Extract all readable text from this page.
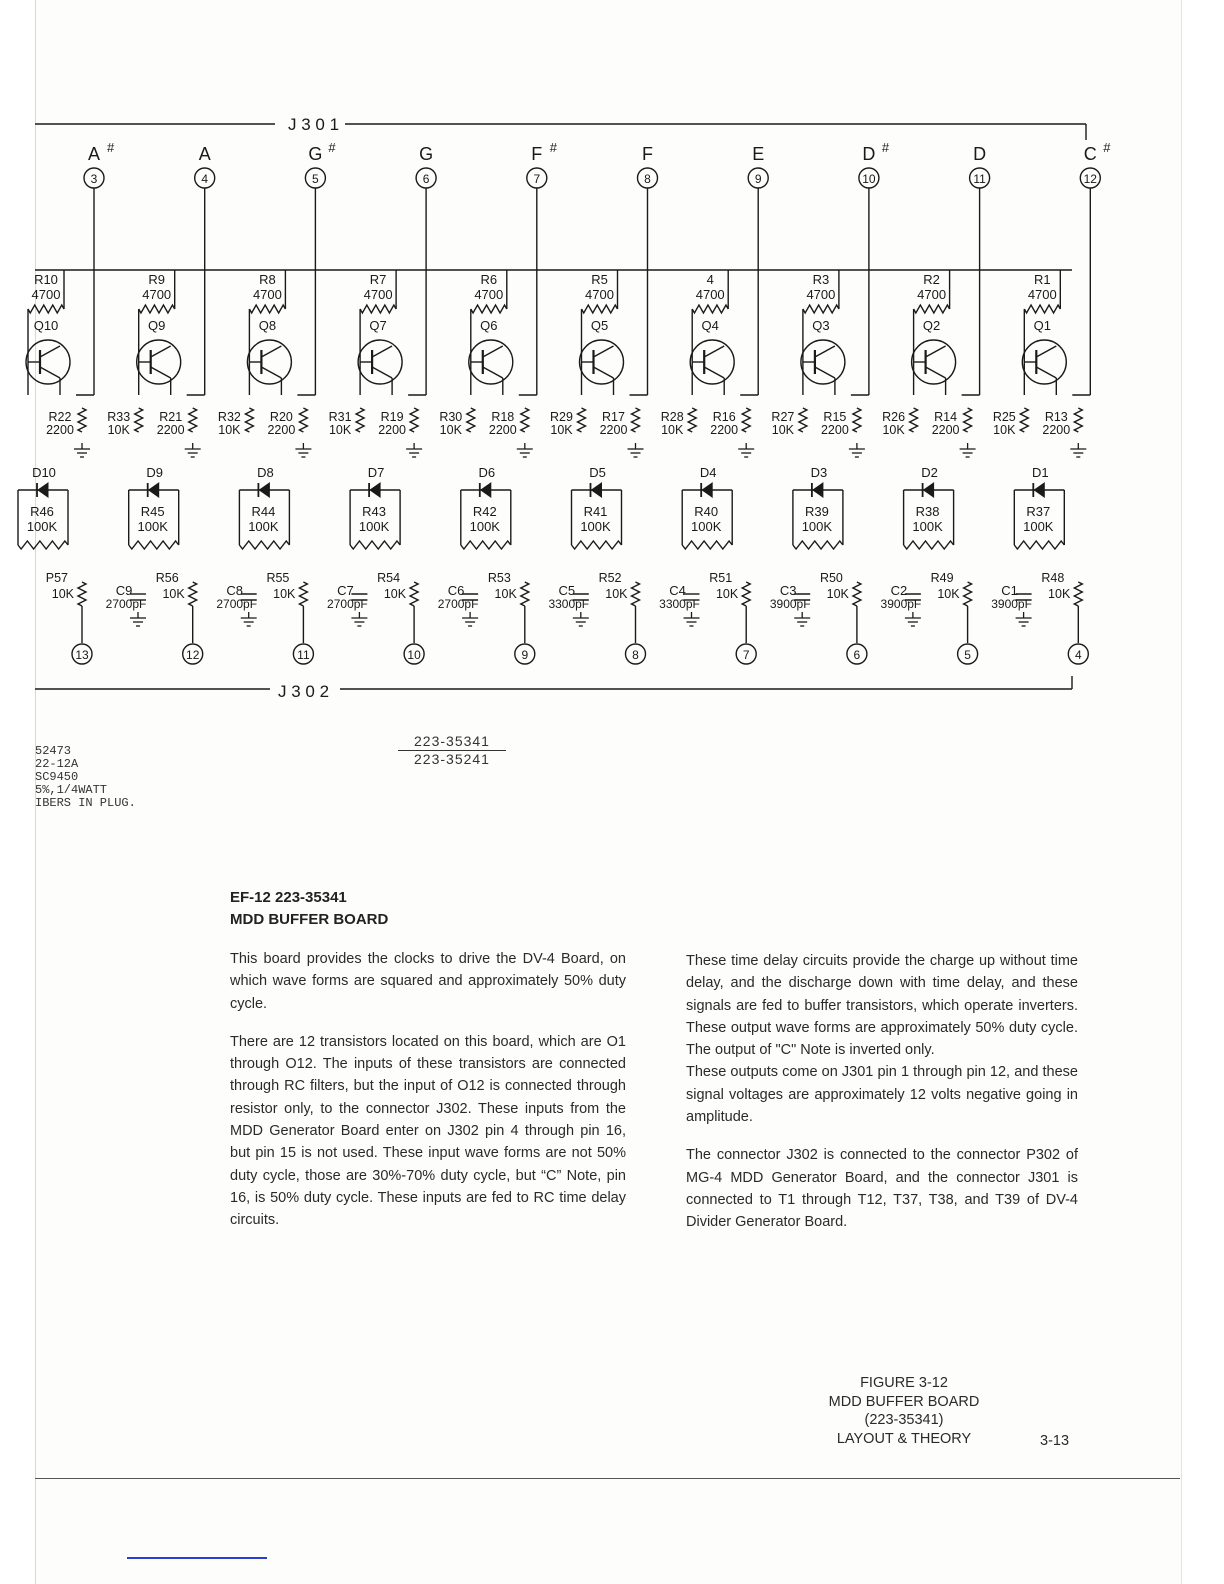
J 3 0 1
J 3 0 2
A #
3
R10
4700
Q10
R22
2200
D10
R46
100K
P57
10K	C9
2700pF
13
A
4
R9
4700
Q9
R21
2200
R33
10K
D9
R45
100K
R56
10K	C8
2700pF
12
G #
5
R8
4700
Q8
R20
2200
R32
10K
D8
R44
100K
R55
10K	C7
2700pF
11
G
6
R7
4700
Q7
R19
2200
R31
10K
D7
R43
100K
R54
10K	C6
2700pF
10
F #
7
R6
4700
Q6
R18
2200
R30
10K
D6
R42
100K
R53
10K	C5
3300pF
9
F
8
R5
4700
Q5
R17
2200
R29
10K
D5
R41
100K
R52
10K	C4
3300pF
8
E
9
4
4700
Q4
R16
2200
R28
10K
D4
R40
100K
R51
10K	C3
3900pF
7
D #
10
R3
4700
Q3
R15
2200
R27
10K
D3
R39
100K
R50
10K	C2
3900pF
6
D
11
R2
4700
Q2
R14
2200
R26
10K
D2
R38
100K
R49
10K	C1
3900pF
5
C #
12
R1
4700
Q1
R13
2200
R25
10K
D1
R37
100K
R48
10K
4
52473
22-12A
SC9450
5%,1/4WATT
IBERS IN PLUG.
223-35341
223-35241
EF-12 223-35341
MDD BUFFER BOARD

This board provides the clocks to drive the DV-4 Board, on which wave forms are squared and approximately 50% duty cycle.

There are 12 transistors located on this board, which are O1 through O12. The inputs of these transistors are connected through RC filters, but the input of O12 is connected through resistor only, to the connector J302. These inputs from the MDD Generator Board enter on J302 pin 4 through pin 16, but pin 15 is not used. These input wave forms are not 50% duty cycle, those are 30%-70% duty cycle, but “C” Note, pin 16, is 50% duty cycle. These inputs are fed to RC time delay circuits.

These time delay circuits provide the charge up without time delay, and the discharge down with time delay, and these signals are fed to buffer transistors, which operate inverters. These output wave forms are approximately 50% duty cycle. The output of "C" Note is inverted only.

These outputs come on J301 pin 1 through pin 12, and these signal voltages are approximately 12 volts negative going in amplitude.

The connector J302 is connected to the connector P302 of MG-4 MDD Generator Board, and the connector J301 is connected to T1 through T12, T37, T38, and T39 of DV-4 Divider Generator Board.

FIGURE 3-12
MDD BUFFER BOARD
(223-35341)
LAYOUT & THEORY	3-13
